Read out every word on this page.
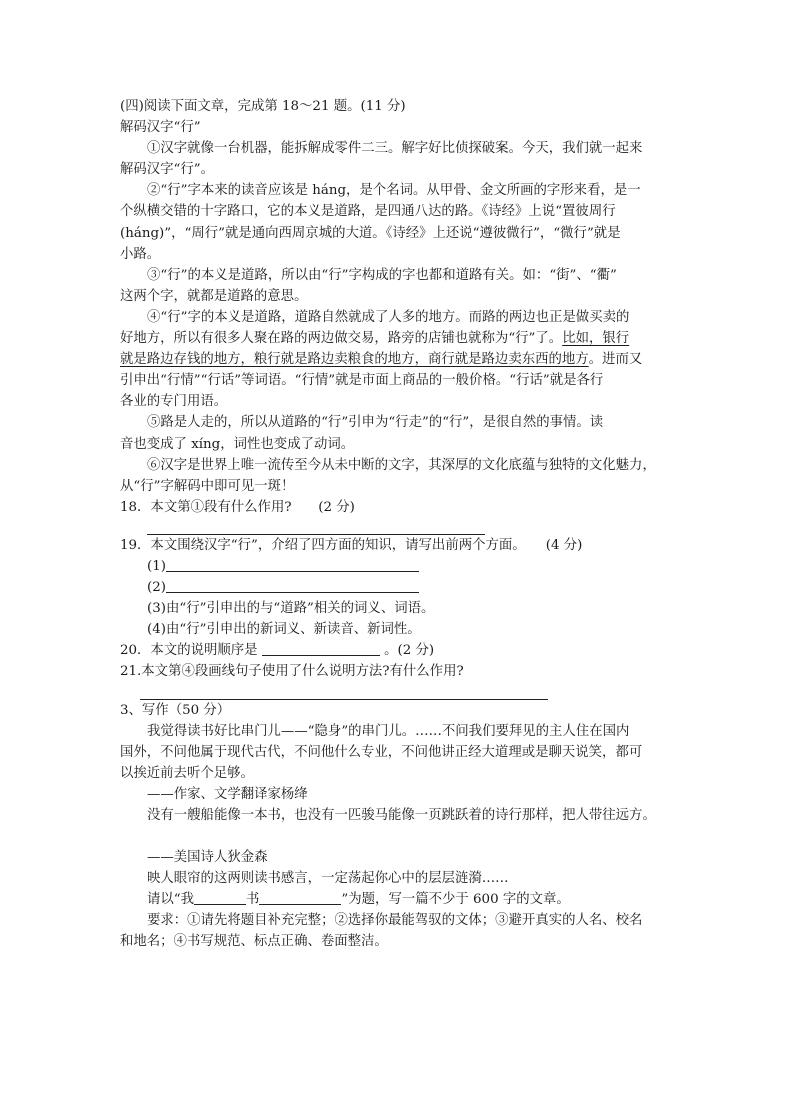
(四)阅读下面文章，完成第 18～21 题。(11 分)
解码汉字“行”
①汉字就像一台机器，能拆解成零件二三。解字好比侦探破案。今天，我们就一起来
解码汉字“行”。
②“行”字本来的读音应该是 háng，是个名词。从甲骨、金文所画的字形来看，是一
个纵横交错的十字路口，它的本义是道路，是四通八达的路。《诗经》上说“置彼周行
(háng)”，“周行”就是通向西周京城的大道。《诗经》上还说“遵彼微行”，“微行”就是
小路。
③“行”的本义是道路，所以由“行”字构成的字也都和道路有关。如：“街”、“衢”
这两个字，就都是道路的意思。
④“行”字的本义是道路，道路自然就成了人多的地方。而路的两边也正是做买卖的
好地方，所以有很多人聚在路的两边做交易，路旁的店铺也就称为“行”了。比如，银行
就是路边存钱的地方，粮行就是路边卖粮食的地方，商行就是路边卖东西的地方。进而又
引申出“行情”“行话”等词语。“行情”就是市面上商品的一般价格。“行话”就是各行
各业的专门用语。
⑤路是人走的，所以从道路的“行”引申为“行走”的“行”，是很自然的事情。读
音也变成了 xíng，词性也变成了动词。
⑥汉字是世界上唯一流传至今从未中断的文字，其深厚的文化底蕴与独特的文化魅力，
从“行”字解码中即可见一斑！
18．本文第①段有什么作用?　　(2 分)
19．本文围绕汉字“行”，介绍了四方面的知识，请写出前两个方面。　　(4 分)
(1)
(2)
(3)由“行”引申出的与“道路”相关的词义、词语。
(4)由“行”引申出的新词义、新读音、新词性。
20．本文的说明顺序是	。(2 分)
21.本文第④段画线句子使用了什么说明方法?有什么作用?
3、写作（50 分）
我觉得读书好比串门儿——“隐身”的串门儿。……不问我们要拜见的主人住在国内
国外，不问他属于现代古代，不问他什么专业，不问他讲正经大道理或是聊天说笑，都可
以挨近前去听个足够。
——作家、文学翻译家杨绛
没有一艘船能像一本书，也没有一匹骏马能像一页跳跃着的诗行那样，把人带往远方。
——美国诗人狄金森
映人眼帘的这两则读书感言，一定荡起你心中的层层涟漪……
请以“我	书	”为题，写一篇不少于 600 字的文章。
要求：①请先将题目补充完整；②选择你最能驾驭的文体；③避开真实的人名、校名
和地名；④书写规范、标点正确、卷面整洁。
